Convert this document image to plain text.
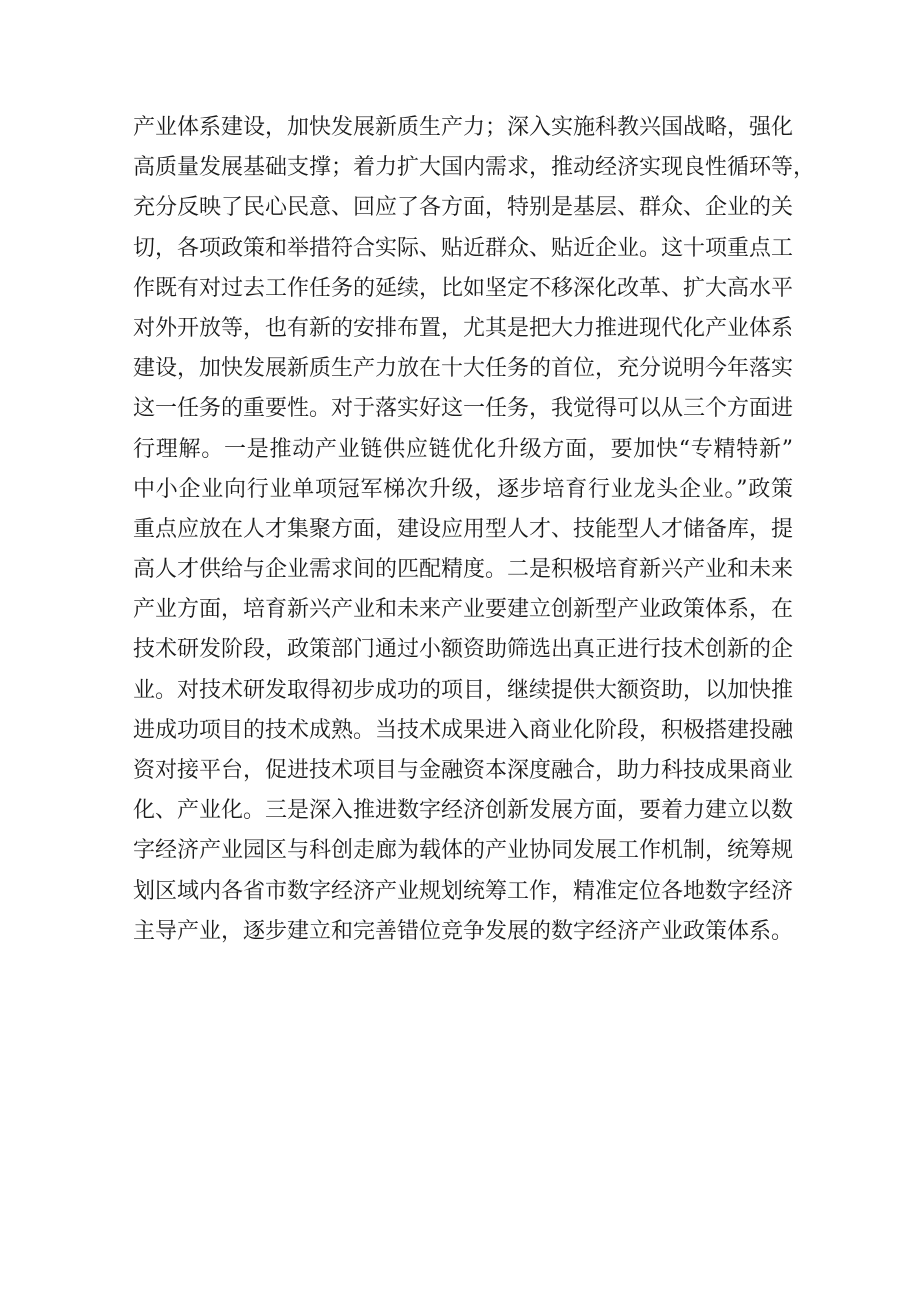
产业体系建设，加快发展新质生产力；深入实施科教兴国战略，强化
高质量发展基础支撑；着力扩大国内需求，推动经济实现良性循环等，
充分反映了民心民意、回应了各方面，特别是基层、群众、企业的关
切，各项政策和举措符合实际、贴近群众、贴近企业。这十项重点工
作既有对过去工作任务的延续，比如坚定不移深化改革、扩大高水平
对外开放等，也有新的安排布置，尤其是把大力推进现代化产业体系
建设，加快发展新质生产力放在十大任务的首位，充分说明今年落实
这一任务的重要性。对于落实好这一任务，我觉得可以从三个方面进
行理解。一是推动产业链供应链优化升级方面，要加快“专精特新”
中小企业向行业单项冠军梯次升级，逐步培育行业龙头企业。”政策
重点应放在人才集聚方面，建设应用型人才、技能型人才储备库，提
高人才供给与企业需求间的匹配精度。二是积极培育新兴产业和未来
产业方面，培育新兴产业和未来产业要建立创新型产业政策体系，在
技术研发阶段，政策部门通过小额资助筛选出真正进行技术创新的企
业。对技术研发取得初步成功的项目，继续提供大额资助，以加快推
进成功项目的技术成熟。当技术成果进入商业化阶段，积极搭建投融
资对接平台，促进技术项目与金融资本深度融合，助力科技成果商业
化、产业化。三是深入推进数字经济创新发展方面，要着力建立以数
字经济产业园区与科创走廊为载体的产业协同发展工作机制，统筹规
划区域内各省市数字经济产业规划统筹工作，精准定位各地数字经济
主导产业，逐步建立和完善错位竞争发展的数字经济产业政策体系。
